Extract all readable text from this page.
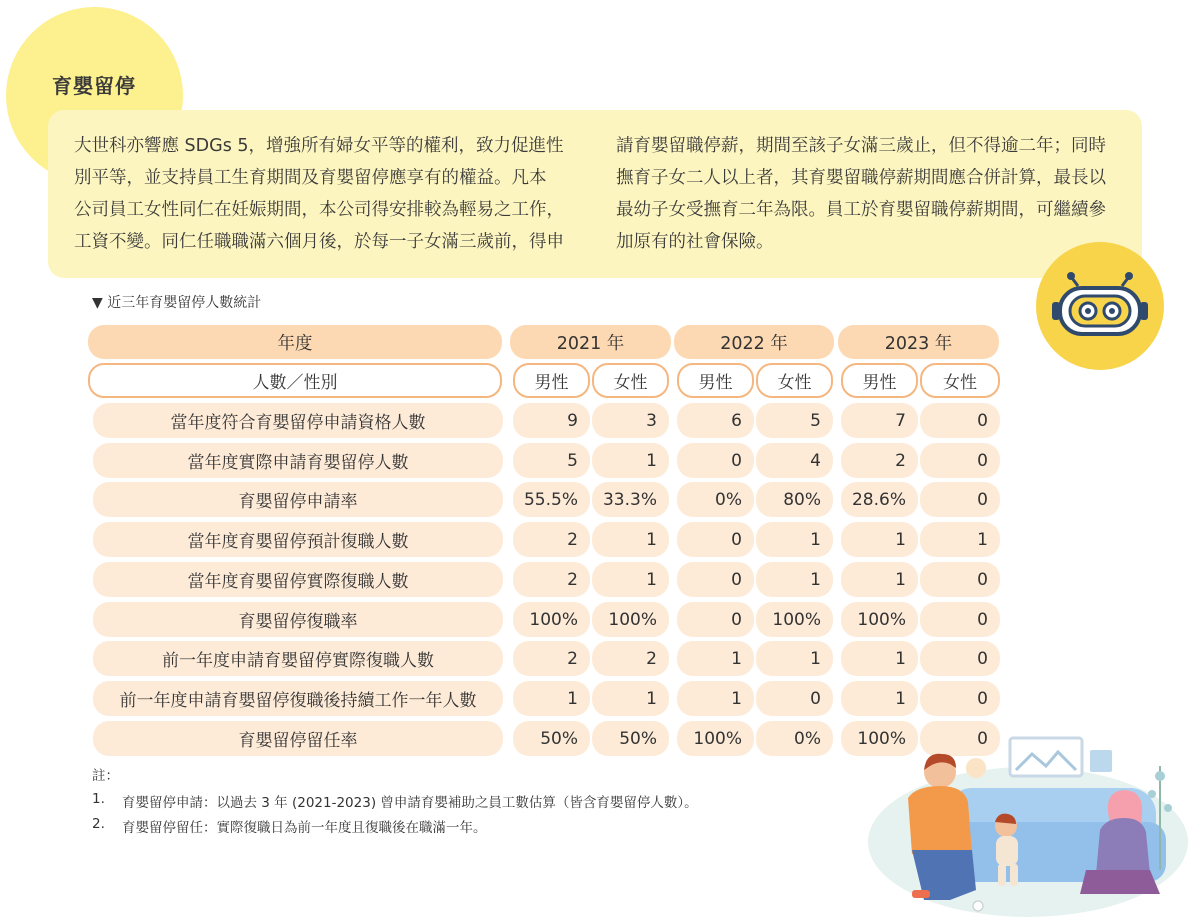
育嬰留停
大世科亦響應 SDGs 5，增強所有婦女平等的權利，致力促進性
別平等，並支持員工生育期間及育嬰留停應享有的權益。凡本
公司員工女性同仁在妊娠期間，本公司得安排較為輕易之工作，
工資不變。同仁任職職滿六個月後，於每一子女滿三歲前，得申
請育嬰留職停薪，期間至該子女滿三歲止，但不得逾二年；同時
撫育子女二人以上者，其育嬰留職停薪期間應合併計算，最長以
最幼子女受撫育二年為限。員工於育嬰留職停薪期間，可繼續參
加原有的社會保險。
▼ 近三年育嬰留停人數統計
年度	2021 年	2022 年	2023 年
人數／性別	男性	女性	男性	女性	男性	女性
當年度符合育嬰留停申請資格人數	9	3	6	5	7	0
當年度實際申請育嬰留停人數	5	1	0	4	2	0
育嬰留停申請率	55.5%	33.3%	0%	80%	28.6%	0
當年度育嬰留停預計復職人數	2	1	0	1	1	1
當年度育嬰留停實際復職人數	2	1	0	1	1	0
育嬰留停復職率	100%	100%	0	100%	100%	0
前一年度申請育嬰留停實際復職人數	2	2	1	1	1	0
前一年度申請育嬰留停復職後持續工作一年人數	1	1	1	0	1	0
育嬰留停留任率	50%	50%	100%	0%	100%	0
註：
1. 育嬰留停申請：以過去 3 年 (2021-2023) 曾申請育嬰補助之員工數估算（皆含育嬰留停人數）。
2. 育嬰留停留任：實際復職日為前一年度且復職後在職滿一年。
